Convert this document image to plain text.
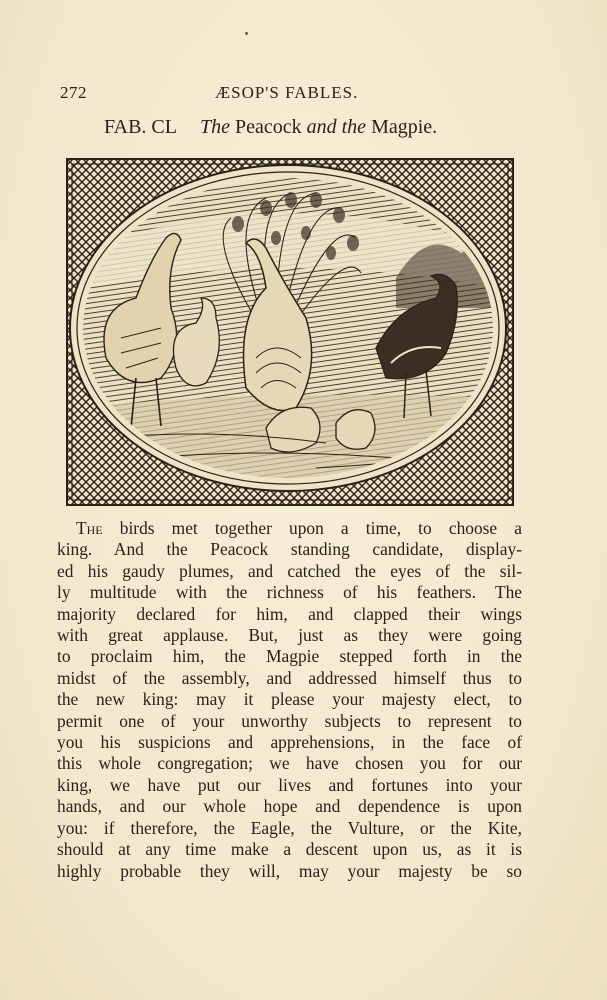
272	ÆSOP'S FABLES.
FAB. CL The Peacock and the Magpie.
The birds met together upon a time, to choose a
king. And the Peacock standing candidate, display-
ed his gaudy plumes, and catched the eyes of the sil-
ly multitude with the richness of his feathers. The
majority declared for him, and clapped their wings
with great applause. But, just as they were going
to proclaim him, the Magpie stepped forth in the
midst of the assembly, and addressed himself thus to
the new king: may it please your majesty elect, to
permit one of your unworthy subjects to represent to
you his suspicions and apprehensions, in the face of
this whole congregation; we have chosen you for our
king, we have put our lives and fortunes into your
hands, and our whole hope and dependence is upon
you: if therefore, the Eagle, the Vulture, or the Kite,
should at any time make a descent upon us, as it is
highly probable they will, may your majesty be so
